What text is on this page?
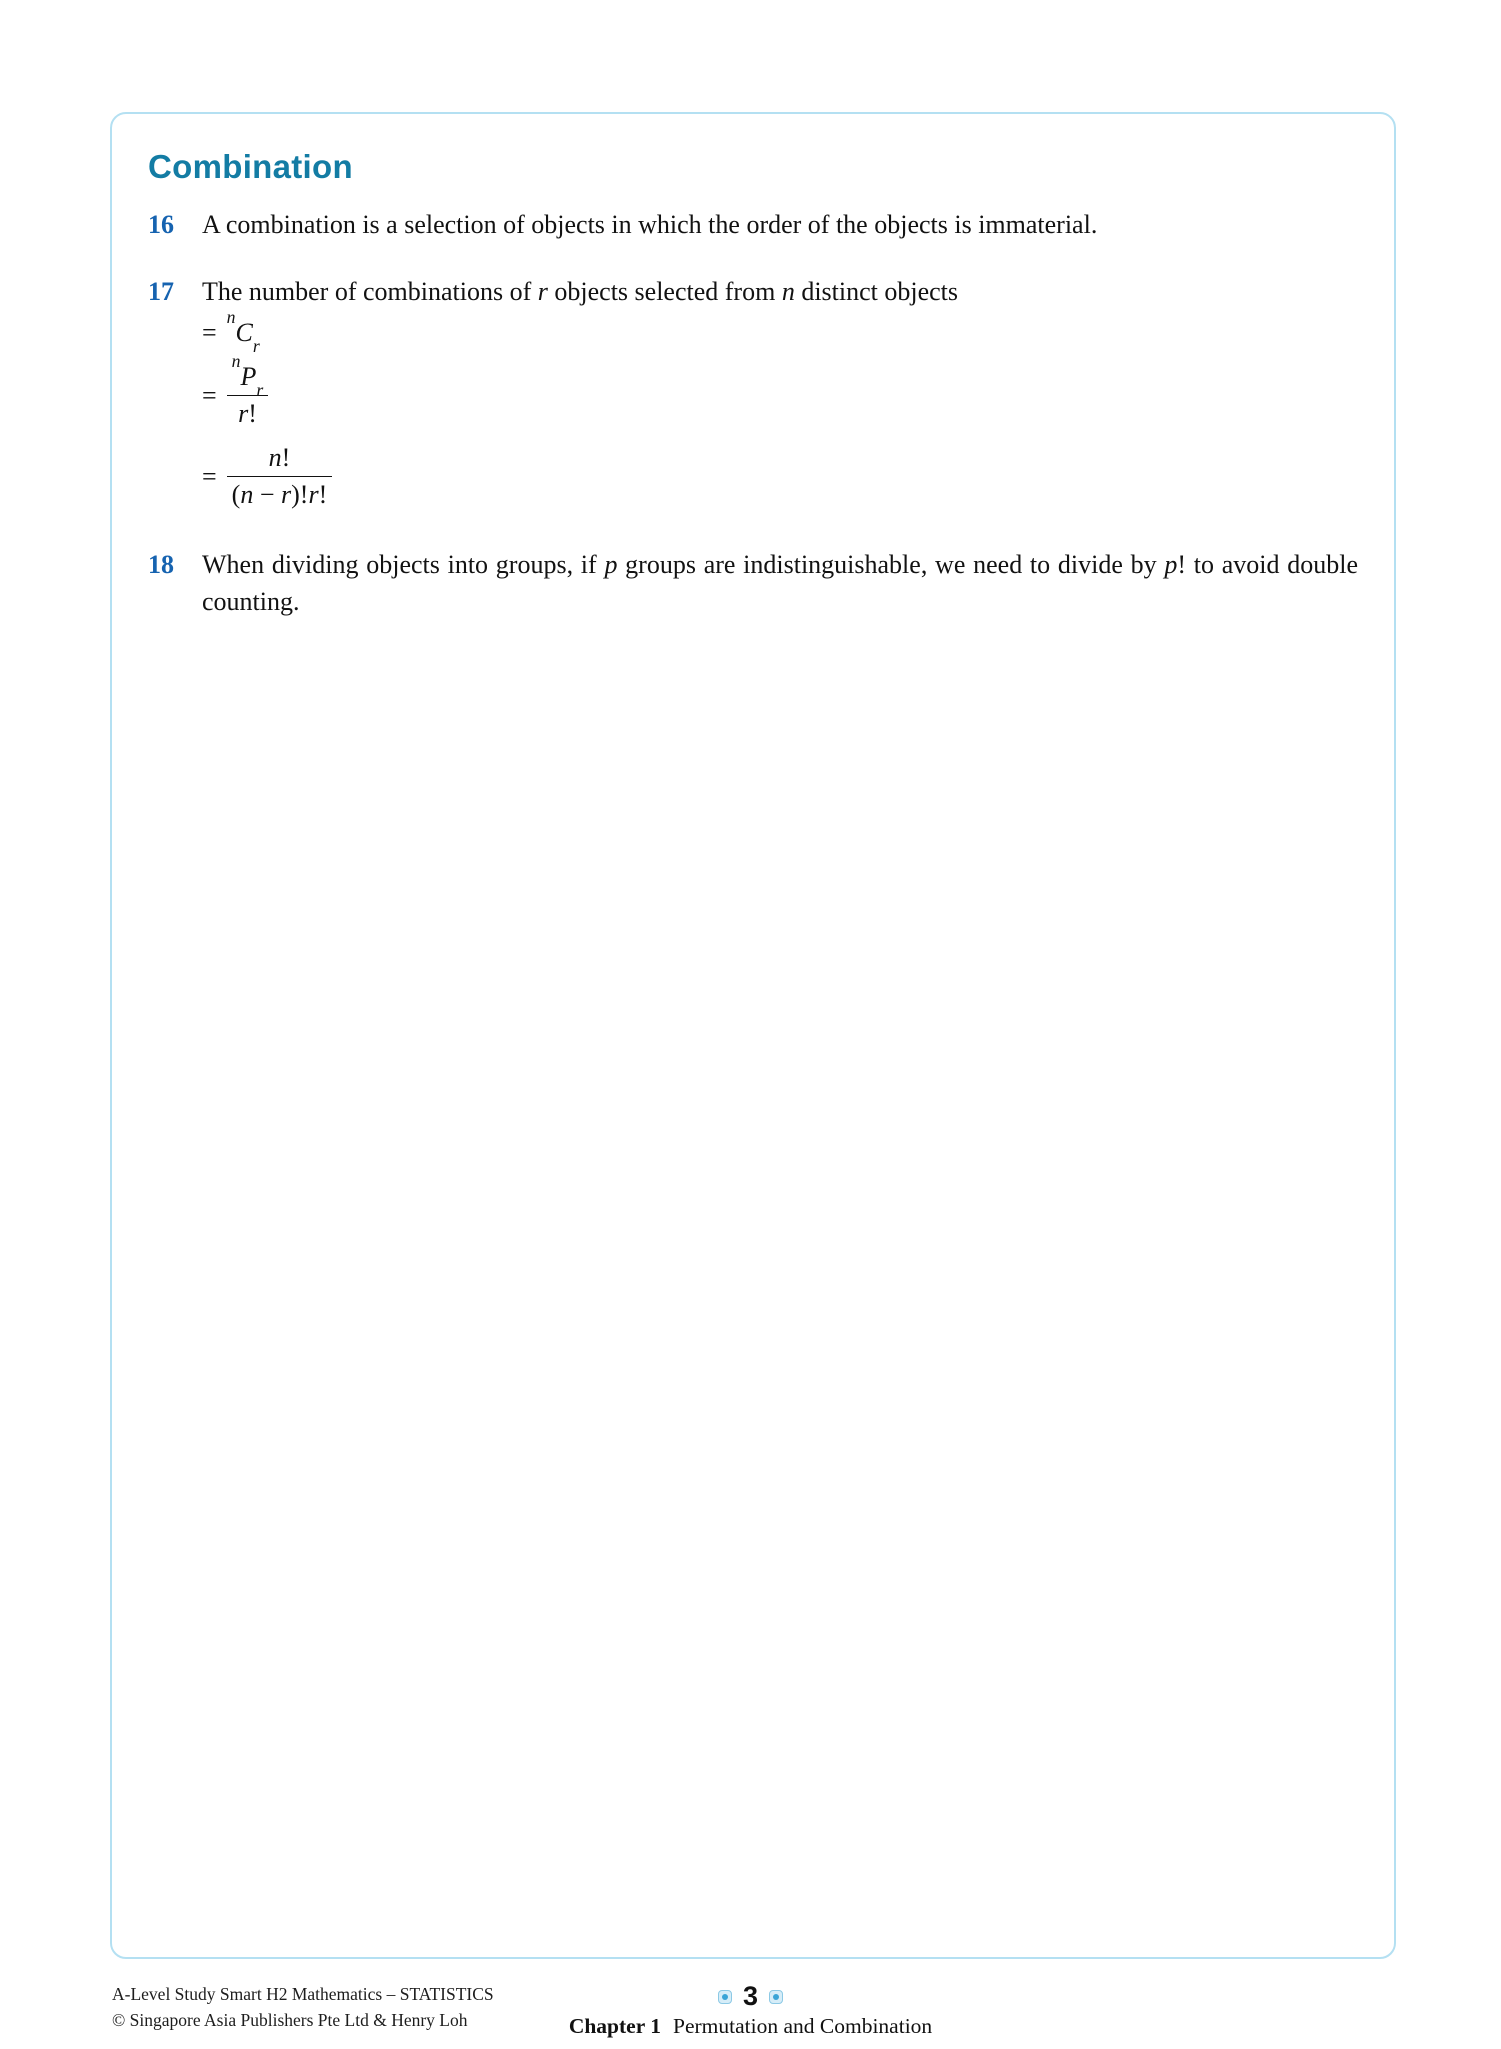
Combination
16	A combination is a selection of objects in which the order of the objects is immaterial.

17	The number of combinations of r objects selected from n distinct objects

=
$^nC_r$
= $\frac{^nP_r}{r!}$
= $\frac{n!}{(n - r)!r!}$
18	When dividing objects into groups, if p groups are indistinguishable, we need to divide by p! to avoid double counting.

A-Level Study Smart H2 Mathematics – STATISTICS
© Singapore Asia Publishers Pte Ltd & Henry Loh
3
Chapter 1 Permutation and Combination
